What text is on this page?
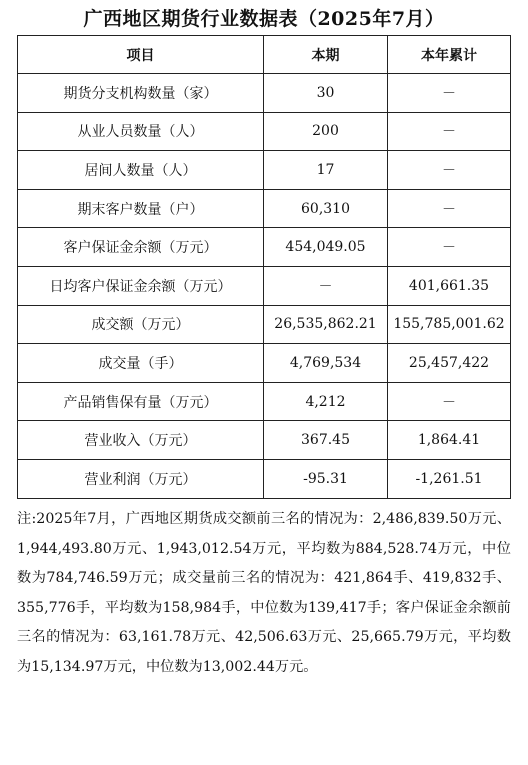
广西地区期货行业数据表（2025年7月）
项目	本期	本年累计
期货分支机构数量（家）	30	－
从业人员数量（人）	200	－
居间人数量（人）	17	－
期末客户数量（户）	60,310	－
客户保证金余额（万元）	454,049.05	－
日均客户保证金余额（万元）	－	401,661.35
成交额（万元）	26,535,862.21	155,785,001.62
成交量（手）	4,769,534	25,457,422
产品销售保有量（万元）	4,212	－
营业收入（万元）	367.45	1,864.41
营业利润（万元）	-95.31	-1,261.51
注:2025年7月，广西地区期货成交额前三名的情况为：2,486,839.50万元、1,944,493.80万元、1,943,012.54万元，平均数为884,528.74万元，中位数为784,746.59万元；成交量前三名的情况为：421,864手、419,832手、355,776手，平均数为158,984手，中位数为139,417手；客户保证金余额前三名的情况为：63,161.78万元、42,506.63万元、25,665.79万元，平均数为15,134.97万元，中位数为13,002.44万元。
